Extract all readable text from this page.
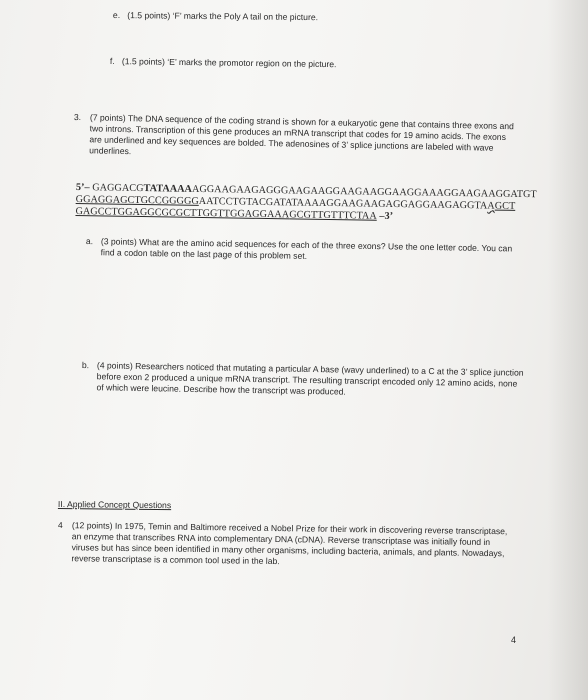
e. (1.5 points) ‘F’ marks the Poly A tail on the picture.
f. (1.5 points) ‘E’ marks the promotor region on the picture.
3. (7 points) The DNA sequence of the coding strand is shown for a eukaryotic gene that contains three exons and two introns. Transcription of this gene produces an mRNA transcript that codes for 19 amino acids. The exons are underlined and key sequences are bolded. The adenosines of 3’ splice junctions are labeled with wave underlines.
5’– GAGGACGTATAAAAAGGAAGAAGAGGGAAGAAGGAAGAAGGAAGGAAAGGAAGAAGGATGT
GGAGGAGCTGCCGGGGGAATCCTGTACGATATAAAAGGAAGAAGAGGAGGAAGAGGTAAGCT
GAGCCTGGAGGCGCGCTTGGTTGGAGGAAAGCGTTGTTTCTAA –3’
a. (3 points) What are the amino acid sequences for each of the three exons? Use the one letter code. You can find a codon table on the last page of this problem set.
b. (4 points) Researchers noticed that mutating a particular A base (wavy underlined) to a C at the 3’ splice junction before exon 2 produced a unique mRNA transcript. The resulting transcript encoded only 12 amino acids, none of which were leucine. Describe how the transcript was produced.
II. Applied Concept Questions
4 (12 points) In 1975, Temin and Baltimore received a Nobel Prize for their work in discovering reverse transcriptase, an enzyme that transcribes RNA into complementary DNA (cDNA). Reverse transcriptase was initially found in viruses but has since been identified in many other organisms, including bacteria, animals, and plants. Nowadays, reverse transcriptase is a common tool used in the lab.
4
